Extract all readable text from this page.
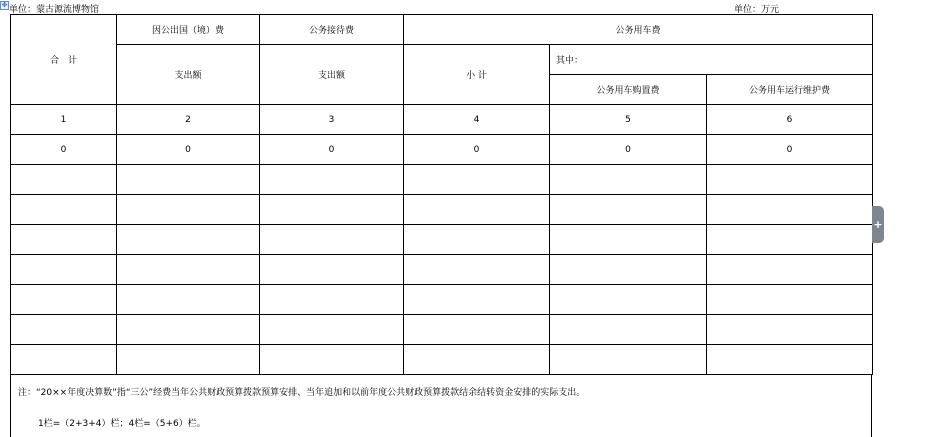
✥ 单位：蒙古源流博物馆	单位：万元
合　计	因公出国（境）费	公务接待费	公务用车费		
	支出额	支出额	小 计	其中：	
				公务用车购置费	公务用车运行维护费
1	2	3	4	5	6
0	0	0	0	0	0

注：“20××年度决算数”指“三公”经费当年公共财政预算拨款预算安排、当年追加和以前年度公共财政预算拨款结余结转资金安排的实际支出。
1栏=（2+3+4）栏；4栏=（5+6）栏。
+
